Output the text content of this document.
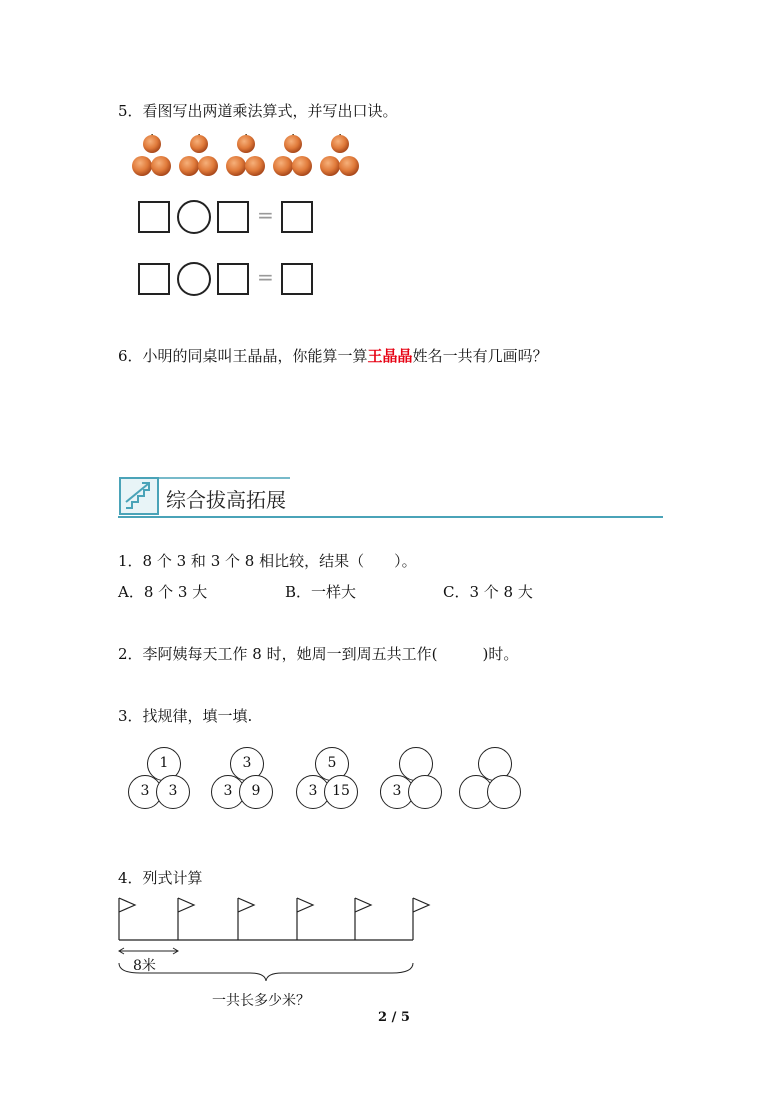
5．看图写出两道乘法算式，并写出口诀。
=
=
6．小明的同桌叫王晶晶，你能算一算王晶晶姓名一共有几画吗？
综合拔高拓展
1．8 个 3 和 3 个 8 相比较，结果（　　）。
A．8 个 3 大	B．一样大	C．3 个 8 大
2．李阿姨每天工作 8 时，她周一到周五共工作(　　　)时。
3．找规律，填一填.
1
3	3
3
3	9
5
3	15	3
4．列式计算
8米
一共长多少米？
2 / 5
